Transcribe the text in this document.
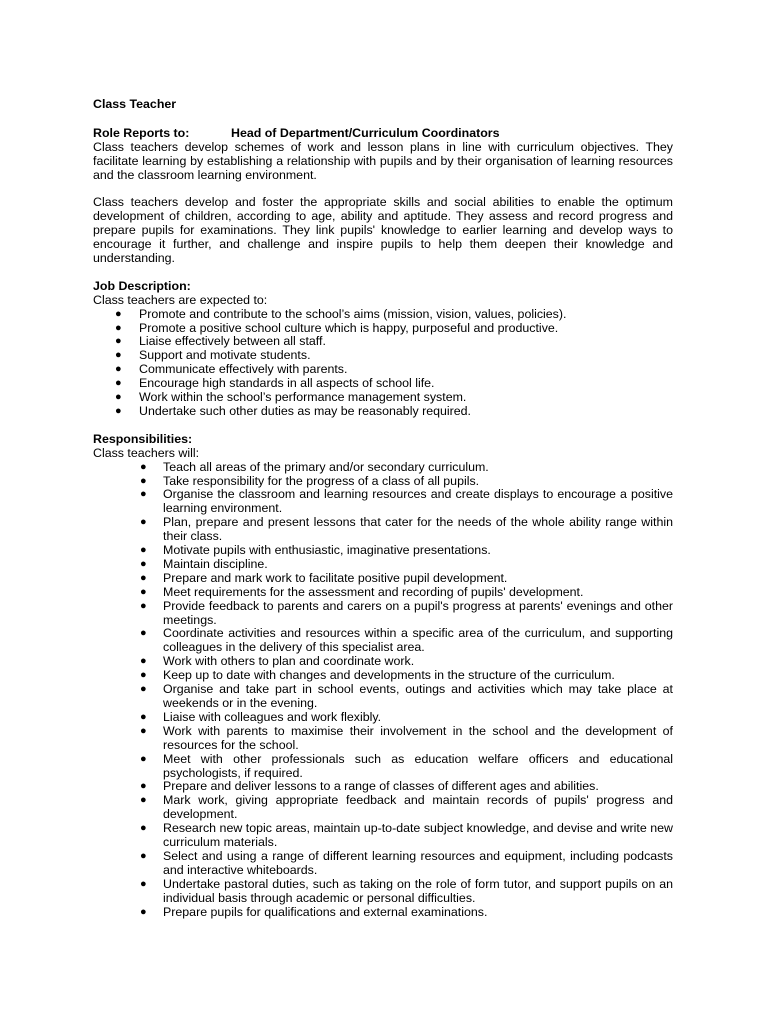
Class Teacher

Role Reports to:	Head of Department/Curriculum Coordinators

Class teachers develop schemes of work and lesson plans in line with curriculum objectives. They facilitate learning by establishing a relationship with pupils and by their organisation of learning resources and the classroom learning environment.

Class teachers develop and foster the appropriate skills and social abilities to enable the optimum development of children, according to age, ability and aptitude. They assess and record progress and prepare pupils for examinations. They link pupils' knowledge to earlier learning and develop ways to encourage it further, and challenge and inspire pupils to help them deepen their knowledge and understanding.

Job Description:

Class teachers are expected to:

● Promote and contribute to the school’s aims (mission, vision, values, policies).
● Promote a positive school culture which is happy, purposeful and productive.
● Liaise effectively between all staff.
● Support and motivate students.
● Communicate effectively with parents.
● Encourage high standards in all aspects of school life.
● Work within the school’s performance management system.
● Undertake such other duties as may be reasonably required.

Responsibilities:

Class teachers will:

● Teach all areas of the primary and/or secondary curriculum.
● Take responsibility for the progress of a class of all pupils.
● Organise the classroom and learning resources and create displays to encourage a positive learning environment.
● Plan, prepare and present lessons that cater for the needs of the whole ability range within their class.
● Motivate pupils with enthusiastic, imaginative presentations.
● Maintain discipline.
● Prepare and mark work to facilitate positive pupil development.
● Meet requirements for the assessment and recording of pupils' development.
● Provide feedback to parents and carers on a pupil's progress at parents' evenings and other meetings.
● Coordinate activities and resources within a specific area of the curriculum, and supporting colleagues in the delivery of this specialist area.
● Work with others to plan and coordinate work.
● Keep up to date with changes and developments in the structure of the curriculum.
● Organise and take part in school events, outings and activities which may take place at weekends or in the evening.
● Liaise with colleagues and work flexibly.
● Work with parents to maximise their involvement in the school and the development of resources for the school.
● Meet with other professionals such as education welfare officers and educational psychologists, if required.
● Prepare and deliver lessons to a range of classes of different ages and abilities.
● Mark work, giving appropriate feedback and maintain records of pupils' progress and development.
● Research new topic areas, maintain up-to-date subject knowledge, and devise and write new curriculum materials.
● Select and using a range of different learning resources and equipment, including podcasts and interactive whiteboards.
● Undertake pastoral duties, such as taking on the role of form tutor, and support pupils on an individual basis through academic or personal difficulties.
● Prepare pupils for qualifications and external examinations.
